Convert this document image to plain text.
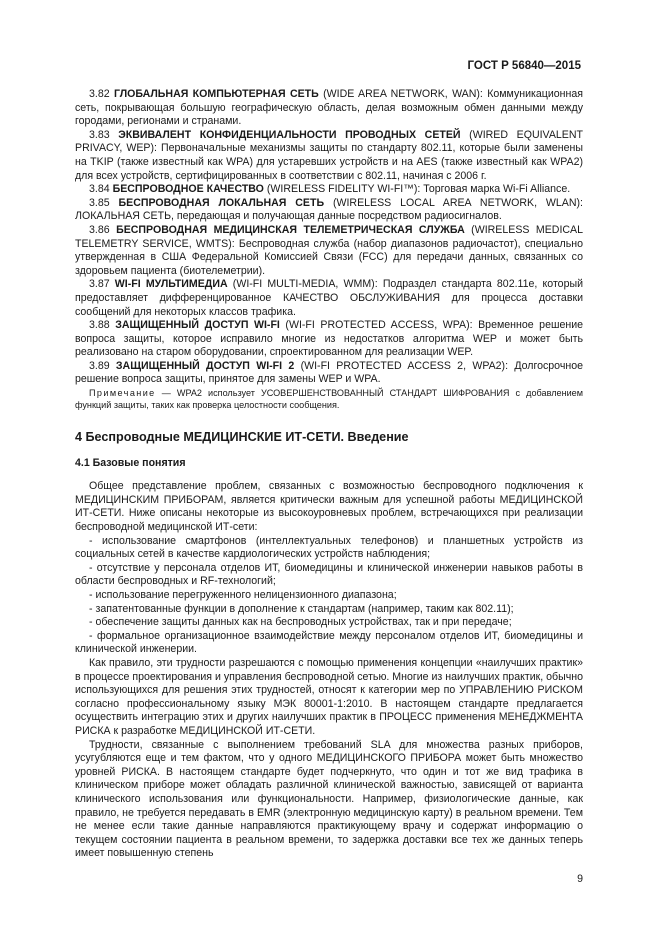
ГОСТ Р 56840—2015

3.82 ГЛОБАЛЬНАЯ КОМПЬЮТЕРНАЯ СЕТЬ (WIDE AREA NETWORK, WAN): Коммуникационная сеть, покрывающая большую географическую область, делая возможным обмен данными между городами, регионами и странами.

3.83 ЭКВИВАЛЕНТ КОНФИДЕНЦИАЛЬНОСТИ ПРОВОДНЫХ СЕТЕЙ (WIRED EQUIVALENT PRIVACY, WEP): Первоначальные механизмы защиты по стандарту 802.11, которые были заменены на TKIP (также известный как WPA) для устаревших устройств и на AES (также известный как WPA2) для всех устройств, сертифицированных в соответствии с 802.11, начиная с 2006 г.

3.84 БЕСПРОВОДНОЕ КАЧЕСТВО (WIRELESS FIDELITY WI-FI™): Торговая марка Wi-Fi Alliance.

3.85 БЕСПРОВОДНАЯ ЛОКАЛЬНАЯ СЕТЬ (WIRELESS LOCAL AREA NETWORK, WLAN): ЛОКАЛЬНАЯ СЕТЬ, передающая и получающая данные посредством радиосигналов.

3.86 БЕСПРОВОДНАЯ МЕДИЦИНСКАЯ ТЕЛЕМЕТРИЧЕСКАЯ СЛУЖБА (WIRELESS MEDICAL TELEMETRY SERVICE, WMTS): Беспроводная служба (набор диапазонов радиочастот), специально утвержденная в США Федеральной Комиссией Связи (FCC) для передачи данных, связанных со здоровьем пациента (биотелеметрии).

3.87 WI-FI МУЛЬТИМЕДИА (WI-FI MULTI-MEDIA, WMM): Подраздел стандарта 802.11е, который предоставляет дифференцированное КАЧЕСТВО ОБСЛУЖИВАНИЯ для процесса доставки сообщений для некоторых классов трафика.

3.88 ЗАЩИЩЕННЫЙ ДОСТУП WI-FI (WI-FI PROTECTED ACCESS, WPA): Временное решение вопроса защиты, которое исправило многие из недостатков алгоритма WEP и может быть реализовано на старом оборудовании, спроектированном для реализации WEP.

3.89 ЗАЩИЩЕННЫЙ ДОСТУП WI-FI 2 (WI-FI PROTECTED ACCESS 2, WPA2): Долгосрочное решение вопроса защиты, принятое для замены WEP и WPA.

Примечание — WPA2 использует УСОВЕРШЕНСТВОВАННЫЙ СТАНДАРТ ШИФРОВАНИЯ с добавлением функций защиты, таких как проверка целостности сообщения.

4 Беспроводные МЕДИЦИНСКИЕ ИТ-СЕТИ. Введение
4.1 Базовые понятия

Общее представление проблем, связанных с возможностью беспроводного подключения к МЕДИЦИНСКИМ ПРИБОРАМ, является критически важным для успешной работы МЕДИЦИНСКОЙ ИТ-СЕТИ. Ниже описаны некоторые из высокоуровневых проблем, встречающихся при реализации беспроводной медицинской ИТ-сети:

- использование смартфонов (интеллектуальных телефонов) и планшетных устройств из социальных сетей в качестве кардиологических устройств наблюдения;

- отсутствие у персонала отделов ИТ, биомедицины и клинической инженерии навыков работы в области беспроводных и RF-технологий;

- использование перегруженного нелицензионного диапазона;

- запатентованные функции в дополнение к стандартам (например, таким как 802.11);

- обеспечение защиты данных как на беспроводных устройствах, так и при передаче;

- формальное организационное взаимодействие между персоналом отделов ИТ, биомедицины и клинической инженерии.

Как правило, эти трудности разрешаются с помощью применения концепции «наилучших практик» в процессе проектирования и управления беспроводной сетью. Многие из наилучших практик, обычно использующихся для решения этих трудностей, относят к категории мер по УПРАВЛЕНИЮ РИСКОМ согласно профессиональному языку МЭК 80001-1:2010. В настоящем стандарте предлагается осуществить интеграцию этих и других наилучших практик в ПРОЦЕСС применения МЕНЕДЖМЕНТА РИСКА к разработке МЕДИЦИНСКОЙ ИТ-СЕТИ.

Трудности, связанные с выполнением требований SLA для множества разных приборов, усугубляются еще и тем фактом, что у одного МЕДИЦИНСКОГО ПРИБОРА может быть множество уровней РИСКА. В настоящем стандарте будет подчеркнуто, что один и тот же вид трафика в клиническом приборе может обладать различной клинической важностью, зависящей от варианта клинического использования или функциональности. Например, физиологические данные, как правило, не требуется передавать в EMR (электронную медицинскую карту) в реальном времени. Тем не менее если такие данные направляются практикующему врачу и содержат информацию о текущем состоянии пациента в реальном времени, то задержка доставки все тех же данных теперь имеет повышенную степень

9
